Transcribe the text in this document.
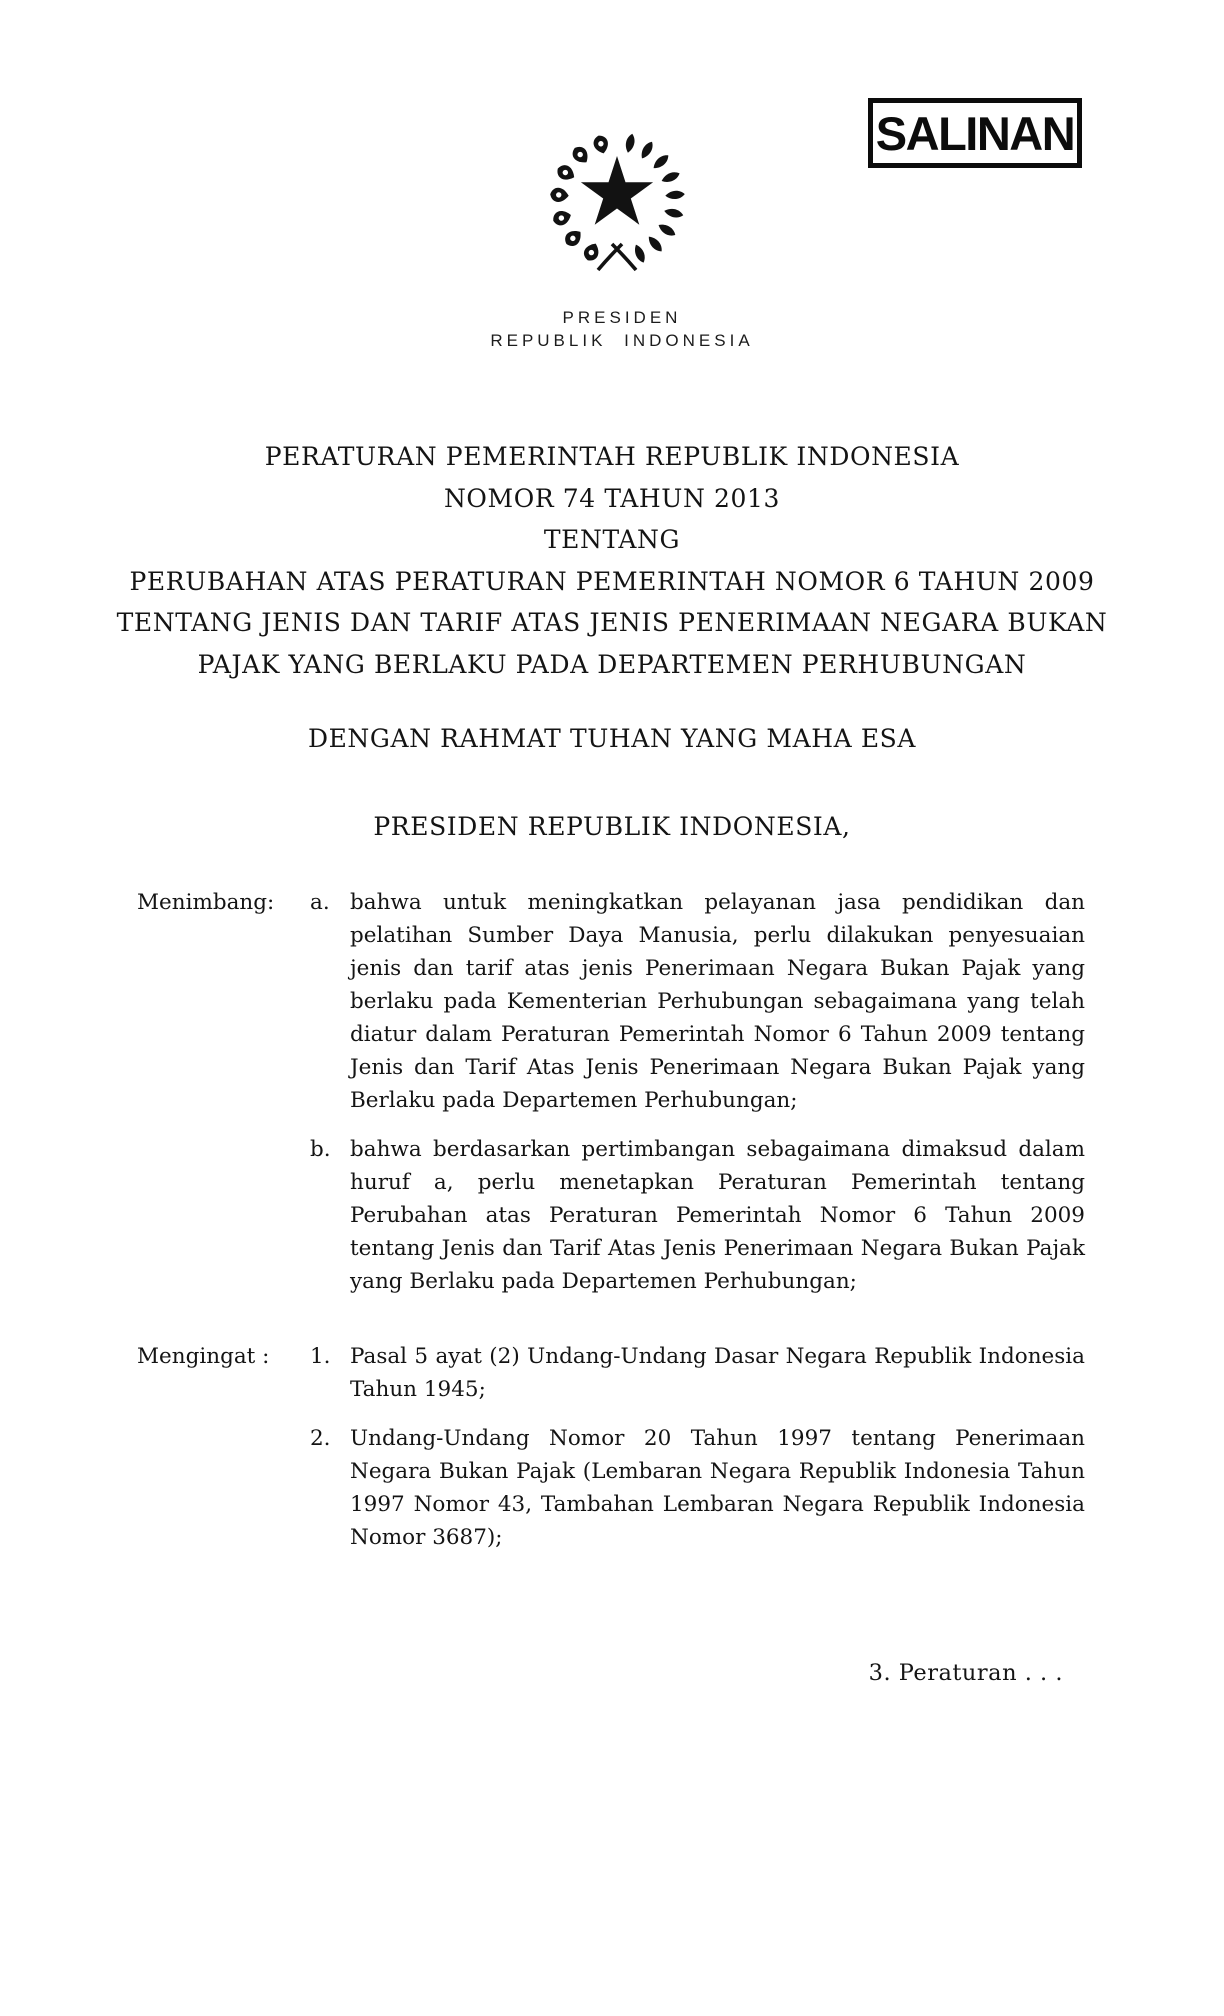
SALINAN
PRESIDEN
REPUBLIK INDONESIA
PERATURAN PEMERINTAH REPUBLIK INDONESIA
NOMOR 74 TAHUN 2013
TENTANG
PERUBAHAN ATAS PERATURAN PEMERINTAH NOMOR 6 TAHUN 2009
TENTANG JENIS DAN TARIF ATAS JENIS PENERIMAAN NEGARA BUKAN
PAJAK YANG BERLAKU PADA DEPARTEMEN PERHUBUNGAN
DENGAN RAHMAT TUHAN YANG MAHA ESA
PRESIDEN REPUBLIK INDONESIA,
Menimbang:	a. bahwa untuk meningkatkan pelayanan jasa pendidikan dan pelatihan Sumber Daya Manusia, perlu dilakukan penyesuaian jenis dan tarif atas jenis Penerimaan Negara Bukan Pajak yang berlaku pada Kementerian Perhubungan sebagaimana yang telah diatur dalam Peraturan Pemerintah Nomor 6 Tahun 2009 tentang Jenis dan Tarif Atas Jenis Penerimaan Negara Bukan Pajak yang Berlaku pada Departemen Perhubungan;
b. bahwa berdasarkan pertimbangan sebagaimana dimaksud dalam huruf a, perlu menetapkan Peraturan Pemerintah tentang Perubahan atas Peraturan Pemerintah Nomor 6 Tahun 2009 tentang Jenis dan Tarif Atas Jenis Penerimaan Negara Bukan Pajak yang Berlaku pada Departemen Perhubungan;
Mengingat :	1. Pasal 5 ayat (2) Undang-Undang Dasar Negara Republik Indonesia Tahun 1945;
2. Undang-Undang Nomor 20 Tahun 1997 tentang Penerimaan Negara Bukan Pajak (Lembaran Negara Republik Indonesia Tahun 1997 Nomor 43, Tambahan Lembaran Negara Republik Indonesia Nomor 3687);
3. Peraturan . . .
